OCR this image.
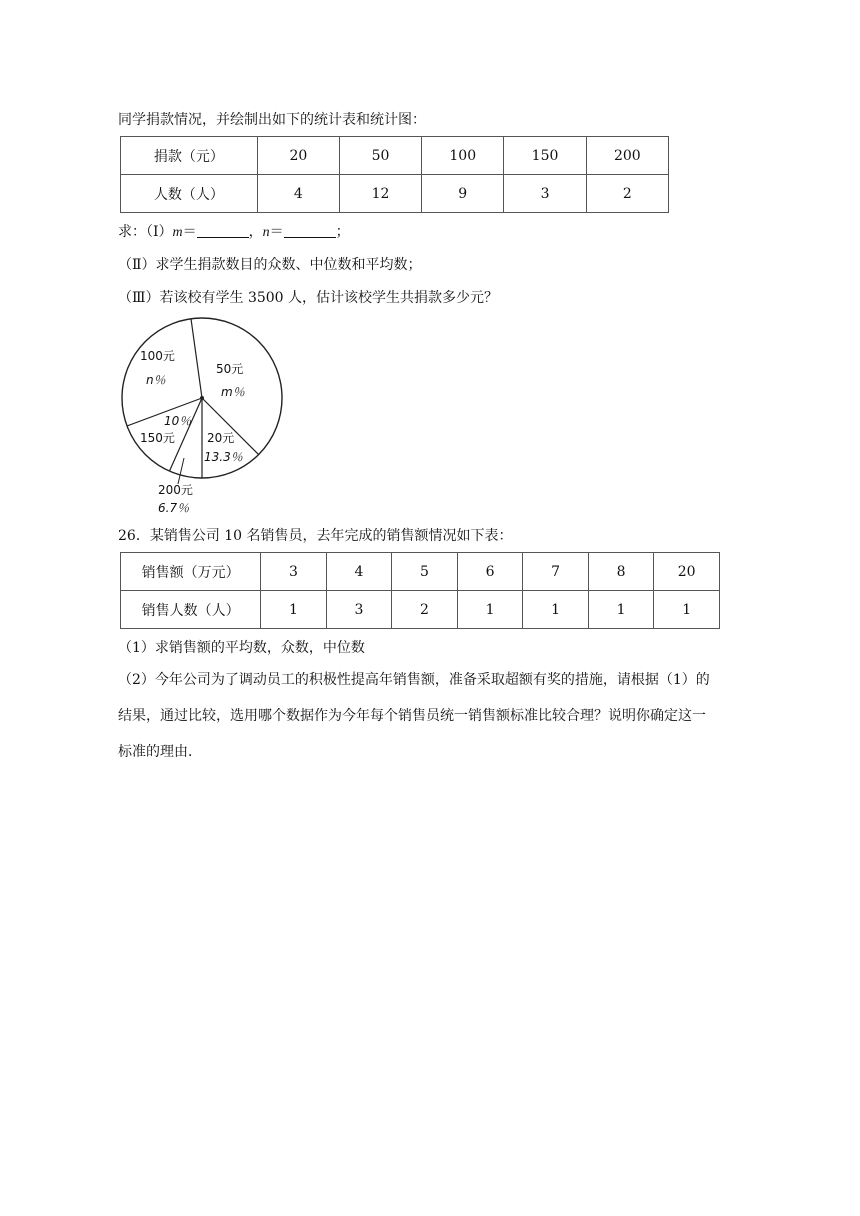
同学捐款情况，并绘制出如下的统计表和统计图：
捐款（元）	20	50	100	150	200
人数（人）	4	12	9	3	2
求：（Ⅰ）m＝	，n＝	；
（Ⅱ）求学生捐款数目的众数、中位数和平均数；
（Ⅲ）若该校有学生 3500 人，估计该校学生共捐款多少元？
50元
m％
100元
n％
10％
150元	20元
13.3％
200元
6.7％
26．某销售公司 10 名销售员，去年完成的销售额情况如下表：
销售额（万元）	3	4	5	6	7	8	20
销售人数（人）	1	3	2	1	1	1	1
（1）求销售额的平均数，众数，中位数
（2）今年公司为了调动员工的积极性提高年销售额，准备采取超额有奖的措施，请根据（1）的
结果，通过比较，选用哪个数据作为今年每个销售员统一销售额标准比较合理？说明你确定这一
标准的理由．
